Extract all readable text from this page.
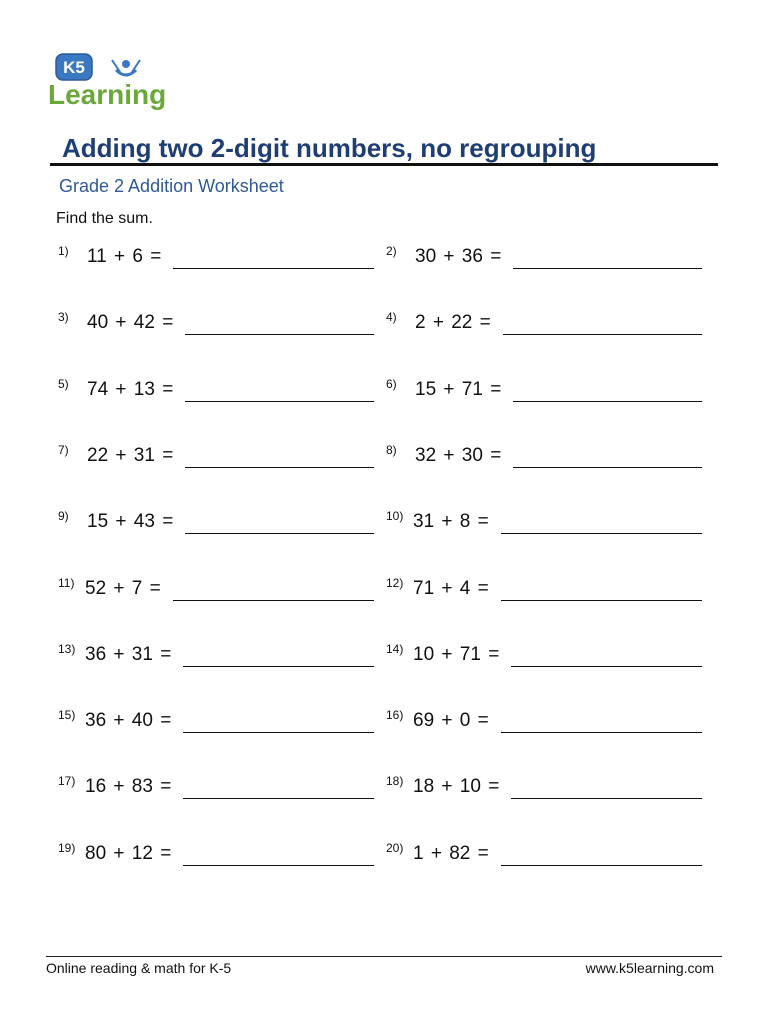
K5
Learning
Adding two 2-digit numbers, no regrouping
Grade 2 Addition Worksheet
Find the sum.
1) 11 + 6 =	2) 30 + 36 =
3) 40 + 42 =	4) 2 + 22 =
5) 74 + 13 =	6) 15 + 71 =
7) 22 + 31 =	8) 32 + 30 =
9) 15 + 43 =	10) 31 + 8 =
11) 52 + 7 =	12) 71 + 4 =
13) 36 + 31 =	14) 10 + 71 =
15) 36 + 40 =	16) 69 + 0 =
17) 16 + 83 =	18) 18 + 10 =
19) 80 + 12 =	20) 1 + 82 =
Online reading & math for K-5	www.k5learning.com
